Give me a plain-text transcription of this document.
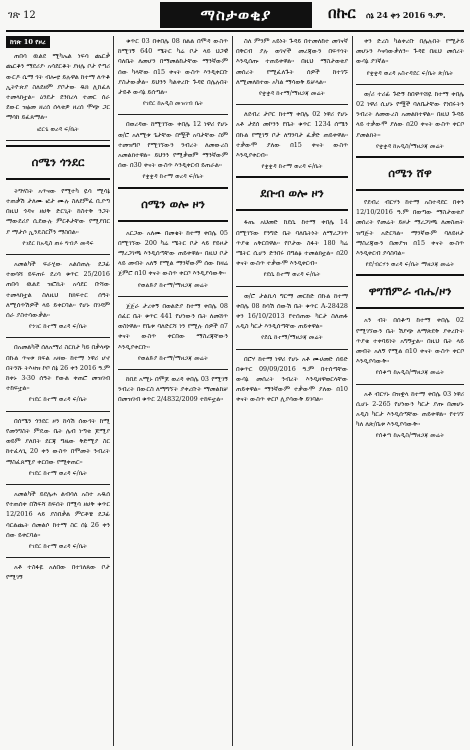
ገጽ 12	ማስታወቂያ	በኩር ሰኔ 24 ቀን 2016 ዓ.ም.
ከገጽ 10 የዞረ

ጠበሳ ዉልደ ሚካኤል ነፍሳ ጨርቃ ጨርቆን ማደሪያ፡ አሳደርቆት ያዘሌ ቦታ የጣሪ ውርዶ ሴማ ጎት ብሎቲ ይሉዋል ከተማ ለጥቆ ኢትዮጵያ ስለደዘም ያቦታው ዱክ ሊከፈለ ተመላክቷል። ዕንደታ ደንክረላ ተመር ሰራ ደውር ዝፅመ ዘረሰ ሰላቂዎ ዘረሰ ሞጭ ጋር ማሳከ ይፈጸማል።

ፎርጌ ወረዳ ፍ/ቤት
ሰሜን ጎንደር

ትግሃስት አጥናው የሚተካ ዬሳ ሚሳኔ ተጠቃሽ ታለሙ ፎታ ሙሉ ስለደምፈ ቢያጣ በዚህ ጎዳና ዘሀቅ ድርጊት ከስተቅ ንጋት ማውደሪያ ሲደውሉ ምርቶታቸው የሚያበር ያ ማታሶ ኢንዴስርቮን ማስበል።

የገደር ከአዲስ ጠሩ ግብዶ መዳፍ

አመልካች ፍራሂው አልሰጠሉ ደጋፊ ተወሳሻ ይፍጠሩ ደረሳ ቁጥር 25/2016 ጠበሳ ዉልደ ዝሮኪት አሳደር ቡሻው ተመላክቷል ስለዚህ ከክፍተር ሰዓት ለሚሰጥሽዎች ላይ ይቀርባል። የሆኑ በገዳም ሰራ ያስተሳውቃል።

የንገር ከተማ ወረዳ ፍ/ቤት

በአመልካች ሰለአማሪ ስርክታ ካይ በቃላጭ በኩል ጥናቱ ክፍል አዛው ከተማ ነዋሪ ሆኖ በትንሹ ትእዛዝ ኮቦ ሰኔ 26 ቀን 2016 ዓ.ም ከቀኑ 3፡30 ሰዓት የውል ቀጠሮ መዝገብ ተከፍቷል።

የገደር ከተማ ወረዳ ፍ/ቤት

በሰሜን ጎንደር ዞን ከሳሽ ሰውጎት ከሚ የመንግስት ምዴው ቤት ሌብ ነጣቂ ጆሚያ ወይም ያለበት ደርጃ ግዜው ቅድሚያ ስር ከተፈላጊ 20 ቀን ውስጥ በሞመት ንብረት ማስፈጸሚያ ቀርበው የሚቀጠር።

የገደር ከተማ ወረዳ ፍ/ቤት

አመልካች ይደሌሐ ልብሳለ አስተ አዱሰ የተጠሰቀ በሽፍሻ ከፍሰት በሚሳ ዘሀቅ ቁጥር 12/2016 ላይ ያስበቃል ምርቶቼ ደጋፊ ሳርልጨት ሰመልሶ ከተማ ስር ሰኔ 26 ቀን ሰው ይቀርባል።

የገደር ከተማ ወረዳ ፍ/ቤት

አቶ ተስፋዬ አለበው በተገለጸው ቦታ የሚገኝ

ቁጥር 03 በቀበሌ 08 ክልል በሞዳ ውስጥ ከሚገኝ 640 ሜትር ካሬ ቦታ ላይ ህጋዊ ባለቤት ለመሆን በማመልከታቸው ማንኛውም ሰው ካላቸው በ15 ቀናት ውስጥ እንዲቀርቡ ያስታውቃል። ይህንን ካልቀረቡ ጉዳዩ በሌሉበት ታይቶ ውሳኔ ይሰጣል።

የገደር ከአዲስ መዝገብ ቤት

በወረዳው ከሚገኘው ቀበሌ 12 ነዋሪ የሆኑ ወ/ሮ አለሚቱ ጌታቸው በሟች አባታቸው ስም ተመዝግቦ የሚገኘውን ንብረት ለመውረስ አመልክተዋል። ይህንን የሚቃወም ማንኛውም ሰው በ30 ቀናት ውስጥ እንዲቀርብ ይጠራል።

የቋቋዳ ከተማ ወረዳ ፍ/ቤት
ሰሜን ወሎ ዞን

አርጋው አለሙ በመቄት ከተማ ቀበሌ 05 በሚገኘው 200 ካሬ ሜትር ቦታ ላይ የይዞታ ማረጋገጫ እንዲሰጣቸው ጠይቀዋል። በዚህ ቦታ ላይ መብት አለኝ የሚል ማንኛውም ሰው ከዛሬ ጀምሮ በ10 ቀናት ውስጥ ቀርቦ እንዲያሳውቅ።

የወልድያ ከተማ/ማዘጋጃ መሬት

ጀጀራ ታረቀኝ በወልድያ ከተማ ቀበሌ 08 ሰፈር ቤት ቁጥር 441 የሆነውን ቤት ለመሸጥ ወስነዋል። የቤቱ ባለድርሻ ነን የሚሉ ሰዎች በ7 ቀናት ውስጥ ቀርበው ማስረጃቸውን እንዲያቀርቡ።

የወልድያ ከተማ/ማዘጋጃ መሬት

ከበደ አሚኑ በሞጆ ወረዳ ቀበሌ 03 የሚገኝ ንብረት በውርስ ለማግኘት ያቀረቡት ማመልከቻ በመዝገብ ቁጥር 2/4832/2009 ተከፍቷል።

ስለ ምንም አይነት ጉዳይ በተመለከተ መገናኛ በቅርብ ያሉ ወገኖች መረጃውን በፍጥነት እንዲሰጡ ተጠይቀዋል። በዚህ ማስታወቂያ መሰረት የሚፈለጉት ሰዎች ከተገኙ ለሚመለከተው አካል ማሳወቅ ይቻላል።

የቋቋዳ ከተማ/ማዘጋጃ መሬት

ለደብረ ታቦር ከተማ ቀበሌ 02 ነዋሪ የሆኑ አቶ ታደሰ መኮንን የቤት ቁጥር 1234 ሰሜን በኩል የሚገኝ ቦታ ለግንባታ ፈቃድ ጠይቀዋል። ተቃውሞ ያለው በ15 ቀናት ውስጥ እንዲያቀርብ።

የቋቋዳ ከተማ ወረዳ ፍ/ቤት
ደቡብ ወሎ ዞን

ፋጤ አህመድ ከደሴ ከተማ ቀበሌ 14 በሚገኘው የንግድ ቤት ባለቤትነት ለማረጋገጥ ጥያቄ አቅርበዋል። የቦታው ስፋት 180 ካሬ ሜትር ሲሆን ድንበሩ በግልፅ ተመልክቷል። በ20 ቀናት ውስጥ ተቃውሞ እንዲቀርብ።

የደሴ ከተማ ወረዳ ፍ/ቤት

ወ/ሮ ታልኪሳ ግርማ መርከድ በኩል ከተማ ቀበሌ 08 ከሳሽ ሰውሽ ቤት ቁጥር A-28428 ቀን 16/10/2013 የተሰጠው ካርታ ስለጠፋ አዲስ ካርታ እንዲሰጣቸው ጠይቀዋል።

የደሴ ከተማ/ማዘጋጃ መሬት

በሮሃ ከተማ ነዋሪ የሆኑ አቶ ሙሀመድ ሰይድ በቁጥር 09/09/2016 ዓ.ም በተሰጣቸው ውሳኔ መሰረት ንብረት እንዲዘዋወርላቸው ጠይቀዋል። ማንኛውም ተቃውሞ ያለው በ10 ቀናት ውስጥ ቀርቦ ሊያሳውቅ ይገባል።

ቀን ድረስ ካልቀረቡ በሌሉበት የሚታይ መሆኑን እናሳውቃለን። ጉዳዩ በዚህ መሰረት ውሳኔ ያገኛል።

የቋቋዳ ወረዳ አስተዳደር ፍ/ቤት ጽ/ቤት

ወ/ሪ ተሪፊ ጉድኝ ከበዋጥሸዬ ከተማ ቀበሌ 02 ነዋሪ ሲሆኑ የሟች ባለቤታቸው የነበሩትን ንብረት ለመውረስ አመልክተዋል። በዚህ ጉዳይ ላይ ተቃውሞ ያለው በ20 ቀናት ውስጥ ቀርቦ ያመልክት።

የቋቋዳ ከአዲስ/ማዘጋጃ መሬት
ሰሜን ሸዋ

የደብረ ብርሃን ከተማ አስተዳደር በቀን 12/10/2016 ዓ.ም በወጣው ማስታወቂያ መሰረት የመሬት ይዞታ ማረጋገጫ ለመስጠት ዝግጅት አድርጓል። ማንኛውም ባለይዞታ ማስረጃውን በመያዝ በ15 ቀናት ውስጥ እንዲቀርብ ያሳስባል።

የደ/ብርሃን ወረዳ ፍ/ቤት ማዘጋጃ መሬት
ዋግኽምራ ብሔ/ዞን

አን ብት በሰቆጣ ከተማ ቀበሌ 02 የሚገኘውን ቤት ሽያጭ ለማጽደቅ ያቀረቡት ጥያቄ ተቀባይነት አግኝቷል። በዚህ ቤት ላይ መብት አለኝ የሚል በ10 ቀናት ውስጥ ቀርቦ እንዲያሳውቅ።

የሰቆጣ ከአዲስ/ማዘጋጃ መሬት

አቶ ብርሃኑ በዝቋላ ከተማ ቀበሌ 03 ነዋሪ ሲሆኑ 2-265 የሆነውን ካርታ ያጡ በመሆኑ አዲስ ካርታ እንዲሰጣቸው ጠይቀዋል። የተገኘ ካለ ለጽ/ቤቱ እንዲያሳውቅ።

የሰቆጣ ከአዲስ/ማዘጋጃ መሬት
